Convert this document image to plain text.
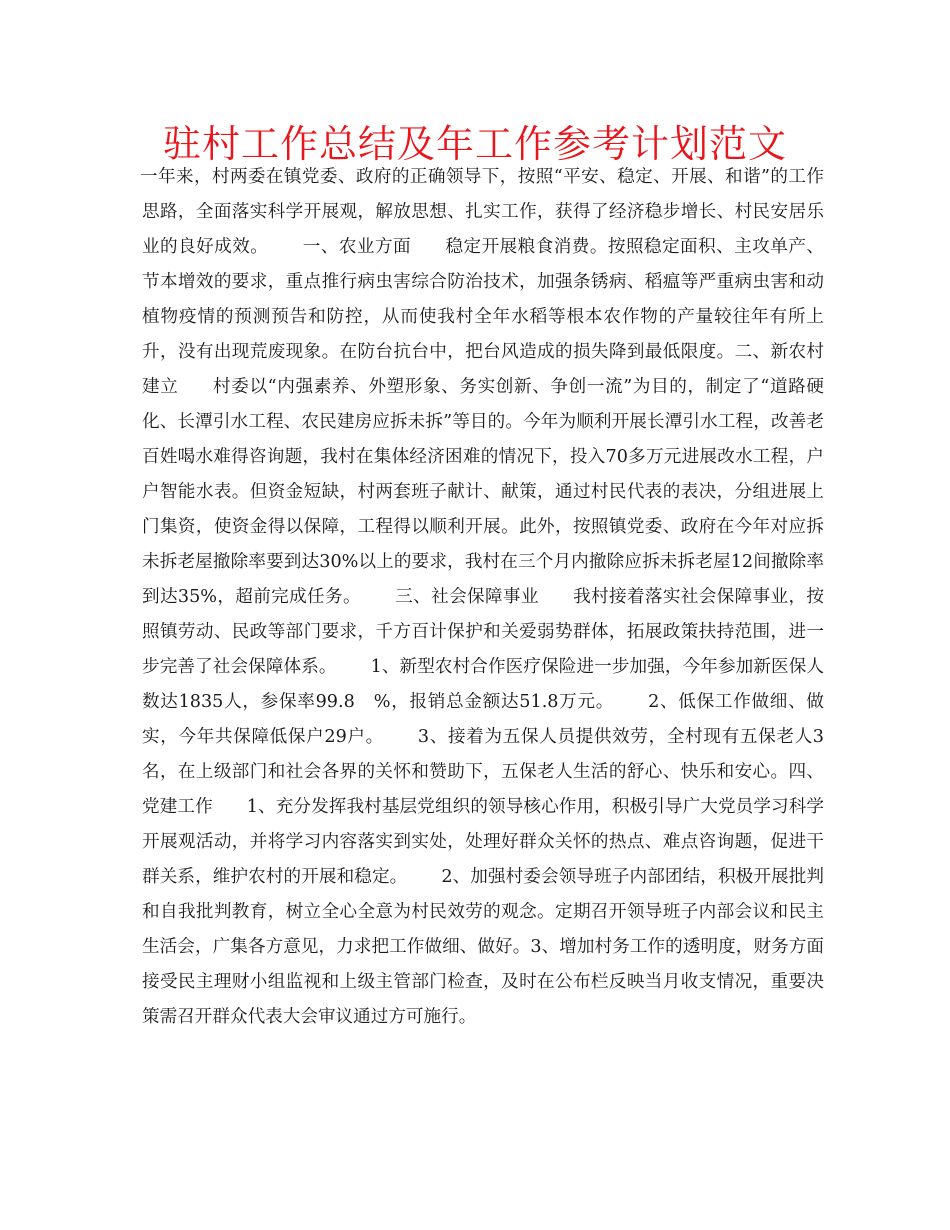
驻村工作总结及年工作参考计划范文

一年来，村两委在镇党委、政府的正确领导下，按照“平安、稳定、开展、和谐”的工作思路，全面落实科学开展观，解放思想、扎实工作，获得了经济稳步增长、村民安居乐业的良好成效。 一、农业方面 稳定开展粮食消费。按照稳定面积、主攻单产、节本增效的要求，重点推行病虫害综合防治技术，加强条锈病、稻瘟等严重病虫害和动植物疫情的预测预告和防控，从而使我村全年水稻等根本农作物的产量较往年有所上升，没有出现荒废现象。在防台抗台中，把台风造成的损失降到最低限度。二、新农村建立 村委以“内强素养、外塑形象、务实创新、争创一流”为目的，制定了“道路硬化、长潭引水工程、农民建房应拆未拆”等目的。今年为顺利开展长潭引水工程，改善老百姓喝水难得咨询题，我村在集体经济困难的情况下，投入70多万元进展改水工程，户户智能水表。但资金短缺，村两套班子献计、献策，通过村民代表的表决，分组进展上门集资，使资金得以保障，工程得以顺利开展。此外，按照镇党委、政府在今年对应拆未拆老屋撤除率要到达30%以上的要求，我村在三个月内撤除应拆未拆老屋12间撤除率到达35%，超前完成任务。 三、社会保障事业 我村接着落实社会保障事业，按照镇劳动、民政等部门要求，千方百计保护和关爱弱势群体，拓展政策扶持范围，进一步完善了社会保障体系。 1、新型农村合作医疗保险进一步加强，今年参加新医保人数达1835人，参保率99.8　%，报销总金额达51.8万元。 2、低保工作做细、做实，今年共保障低保户29户。 3、接着为五保人员提供效劳，全村现有五保老人3名，在上级部门和社会各界的关怀和赞助下，五保老人生活的舒心、快乐和安心。四、党建工作 1、充分发挥我村基层党组织的领导核心作用，积极引导广大党员学习科学开展观活动，并将学习内容落实到实处，处理好群众关怀的热点、难点咨询题，促进干群关系，维护农村的开展和稳定。 2、加强村委会领导班子内部团结，积极开展批判和自我批判教育，树立全心全意为村民效劳的观念。定期召开领导班子内部会议和民主生活会，广集各方意见，力求把工作做细、做好。3、增加村务工作的透明度，财务方面接受民主理财小组监视和上级主管部门检查，及时在公布栏反映当月收支情况，重要决策需召开群众代表大会审议通过方可施行。
